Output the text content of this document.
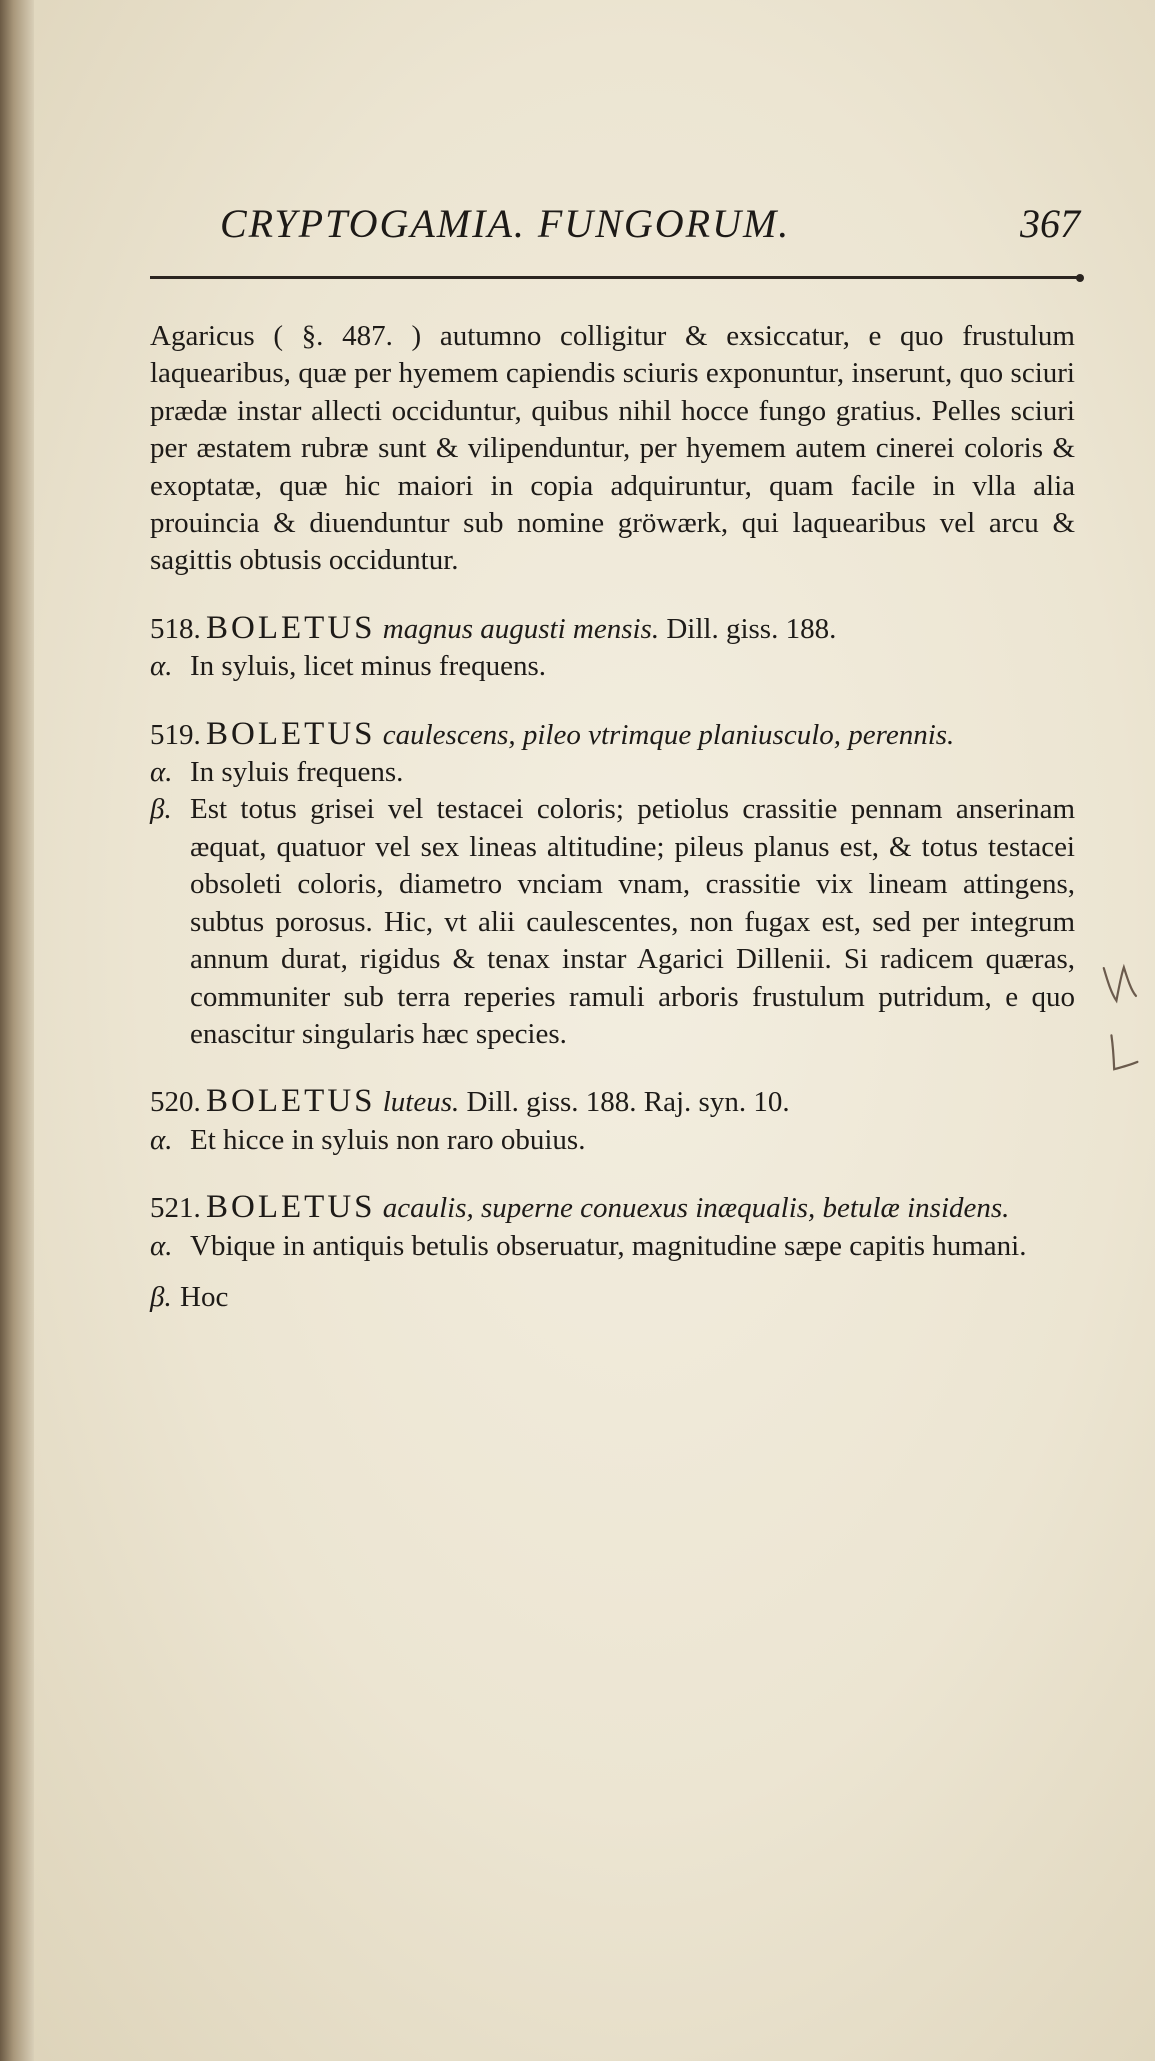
CRYPTOGAMIA. FUNGORUM.	367

Agaricus ( §. 487. ) autumno colligitur & exsiccatur, e quo frustulum laquearibus, quæ per hyemem capiendis sciuris exponuntur, inserunt, quo sciuri prædæ instar allecti occiduntur, quibus nihil hocce fungo gratius. Pelles sciuri per æstatem rubræ sunt & vilipenduntur, per hyemem autem cinerei coloris & exoptatæ, quæ hic maiori in copia adquiruntur, quam facile in vlla alia prouincia & diuenduntur sub nomine gröwærk, qui laquearibus vel arcu & sagittis obtusis occiduntur.

518. BOLETUS magnus augusti mensis. Dill. giss. 188.

α. In syluis, licet minus frequens.

519. BOLETUS caulescens, pileo vtrimque planiusculo, perennis.

α. In syluis frequens.

β. Est totus grisei vel testacei coloris; petiolus crassitie pennam anserinam æquat, quatuor vel sex lineas altitudine; pileus planus est, & totus testacei obsoleti coloris, diametro vnciam vnam, crassitie vix lineam attingens, subtus porosus. Hic, vt alii caulescentes, non fugax est, sed per integrum annum durat, rigidus & tenax instar Agarici Dillenii. Si radicem quæras, communiter sub terra reperies ramuli arboris frustulum putridum, e quo enascitur singularis hæc species.

520. BOLETUS luteus. Dill. giss. 188. Raj. syn. 10.

α. Et hicce in syluis non raro obuius.

521. BOLETUS acaulis, superne conuexus inæqualis, betulæ insidens.

α. Vbique in antiquis betulis obseruatur, magnitudine sæpe capitis humani.

β. Hoc
